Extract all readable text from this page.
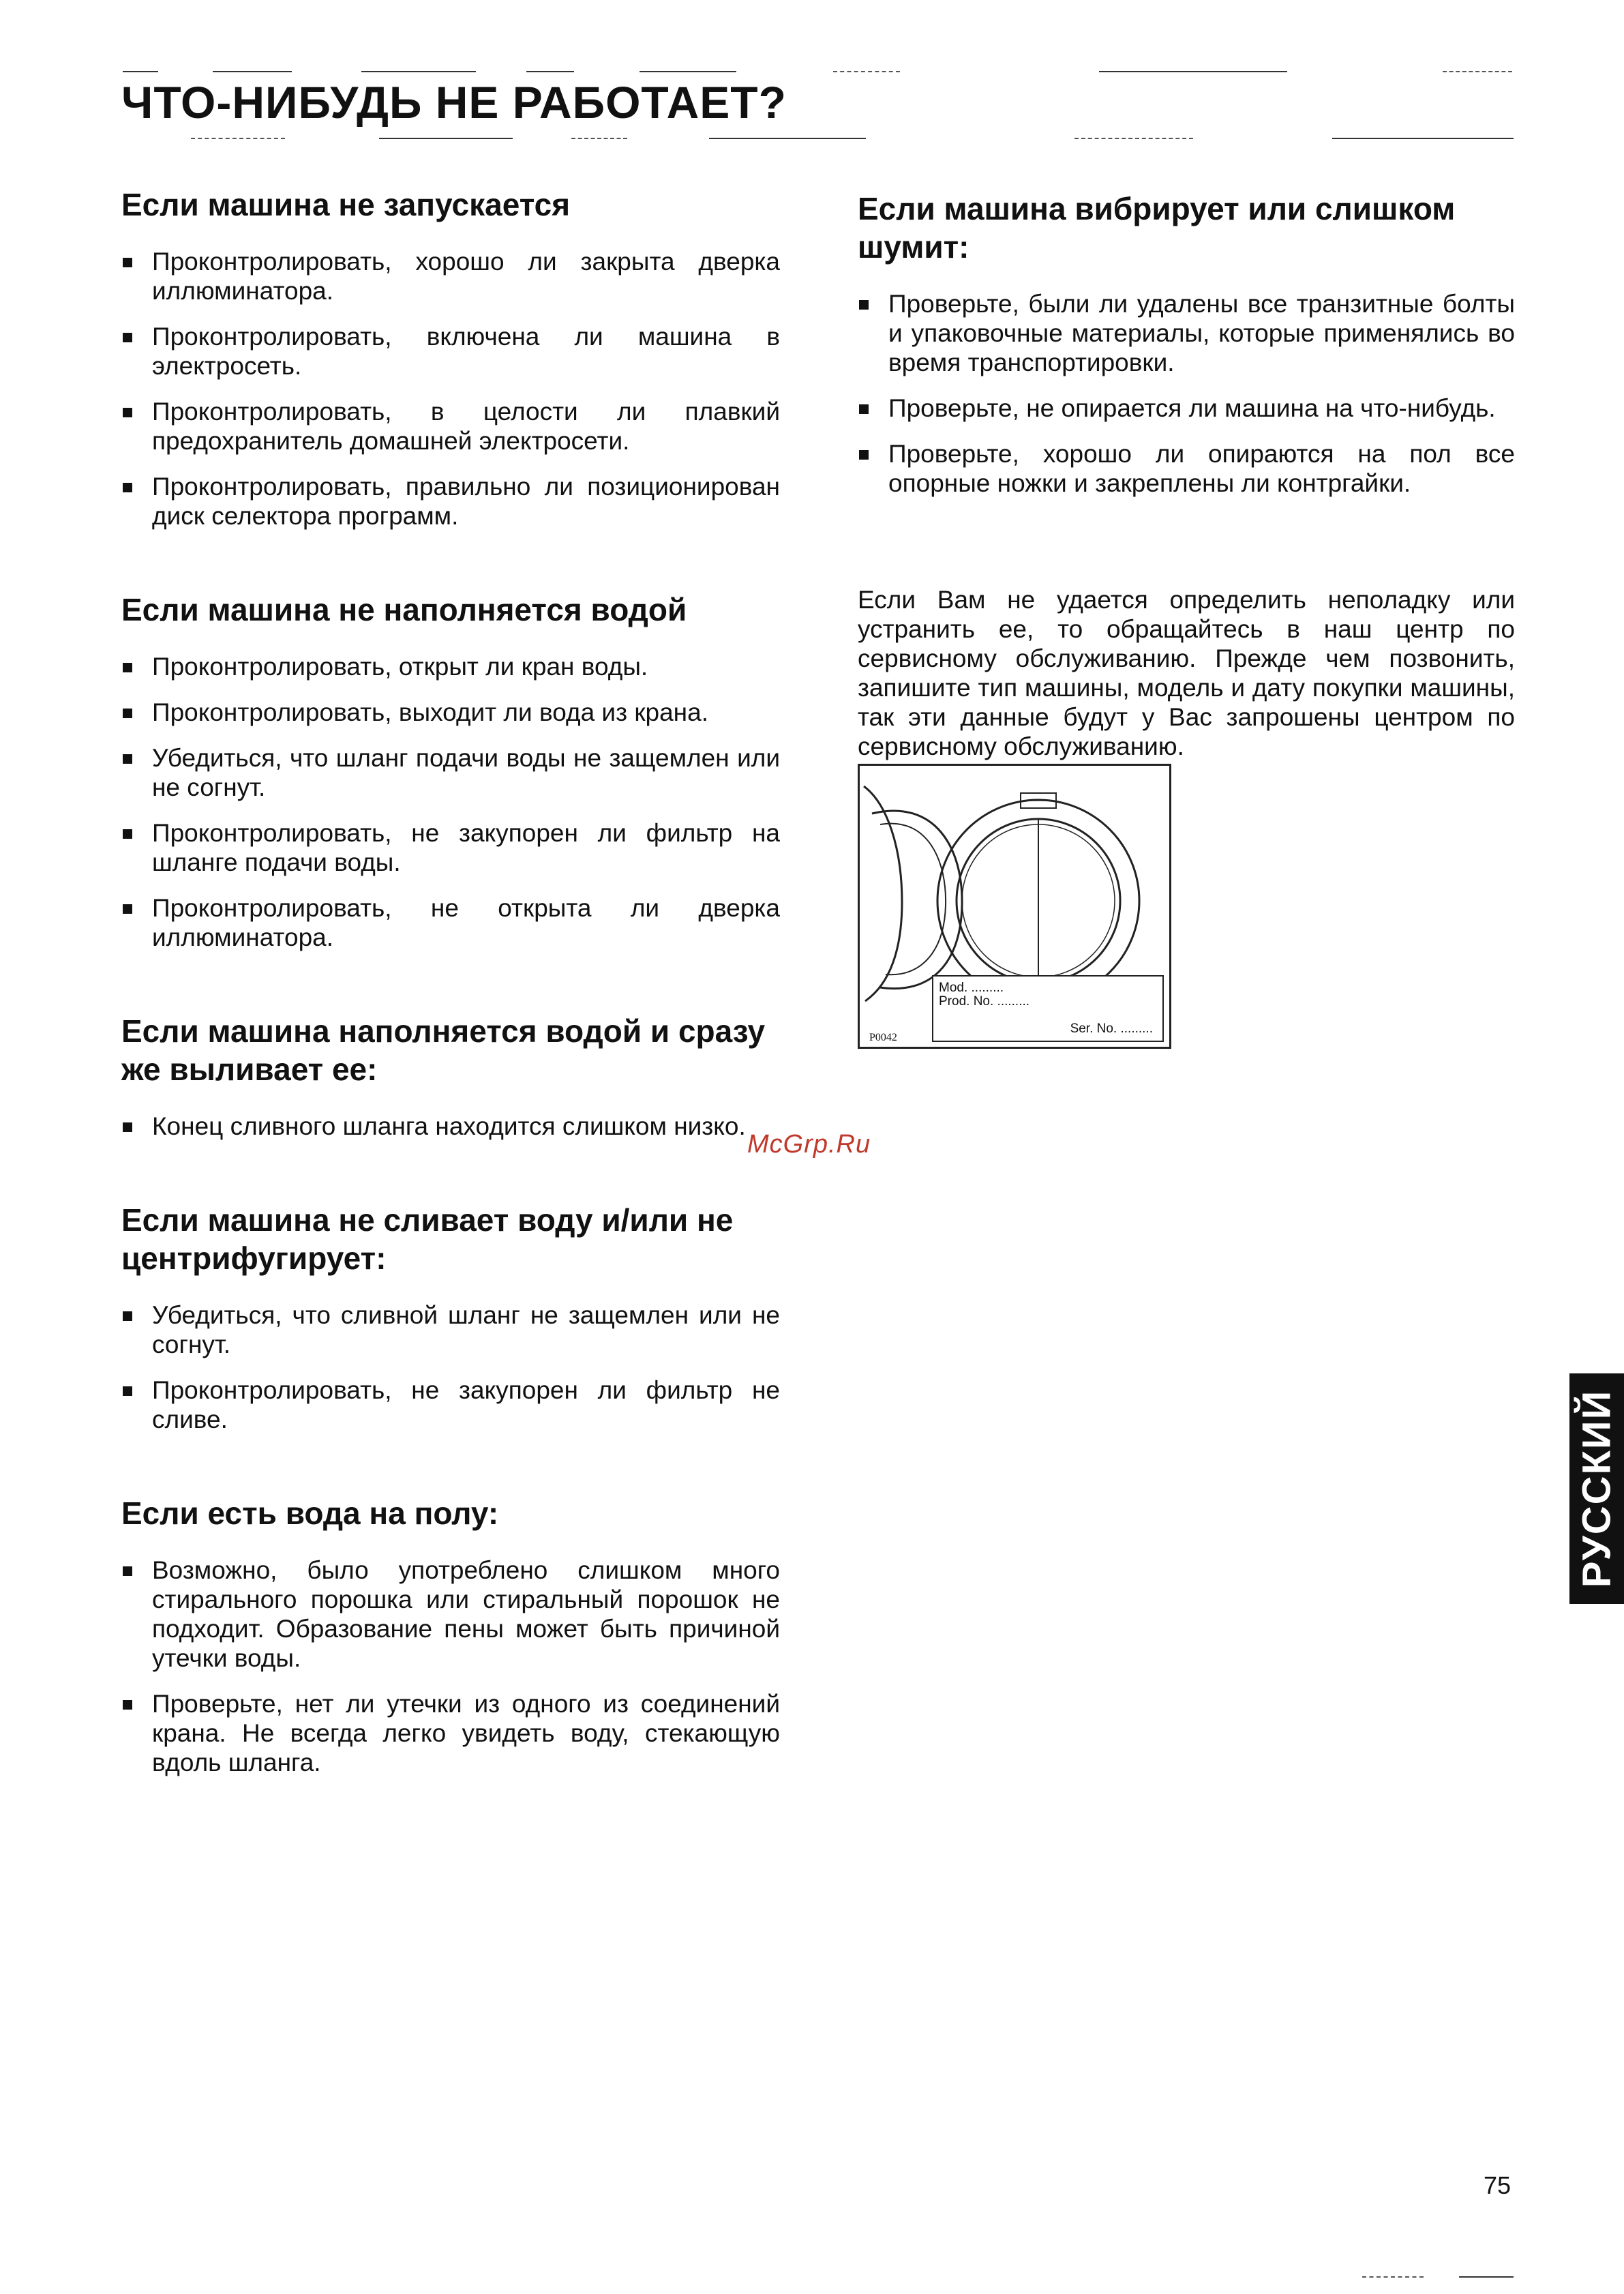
ЧТО-НИБУДЬ НЕ РАБОТАЕТ?
Если машина не запускается
Проконтролировать, хорошо ли закрыта дверка иллюминатора.
Проконтролировать, включена ли машина в электросеть.
Проконтролировать, в целости ли плавкий предохранитель домашней электросети.
Проконтролировать, правильно ли позиционирован диск селектора программ.
Если машина не наполняется водой
Проконтролировать, открыт ли кран воды.
Проконтролировать, выходит ли вода из крана.
Убедиться, что шланг подачи воды не защемлен или не согнут.
Проконтролировать, не закупорен ли фильтр на шланге подачи воды.
Проконтролировать, не открыта ли дверка иллюминатора.
Если машина наполняется водой и сразу же выливает ее:
Конец сливного шланга находится слишком низко.
Если машина не сливает воду и/или не центрифугирует:
Убедиться, что сливной шланг не защемлен или не согнут.
Проконтролировать, не закупорен ли фильтр не сливе.
Если есть вода на полу:
Возможно, было употреблено слишком много стирального порошка или стиральный порошок не подходит. Образование пены может быть причиной утечки воды.
Проверьте, нет ли утечки из одного из соединений крана. Не всегда легко увидеть воду, стекающую вдоль шланга.
Если машина вибрирует или слишком шумит:
Проверьте, были ли удалены все транзитные болты и упаковочные материалы, которые применялись во время транспортировки.
Проверьте, не опирается ли машина на что-нибудь.
Проверьте, хорошо ли опираются на пол все опорные ножки и закреплены ли контргайки.

Если Вам не удается определить неполадку или устранить ее, то обращайтесь в наш центр по сервисному обслуживанию. Прежде чем позвонить, запишите тип машины, модель и дату покупки машины, так эти данные будут у Вас запрошены центром по сервисному обслуживанию.

Mod. .........
Prod. No. .........
Ser. No. .........
P0042
McGrp.Ru
РУССКИЙ
75
